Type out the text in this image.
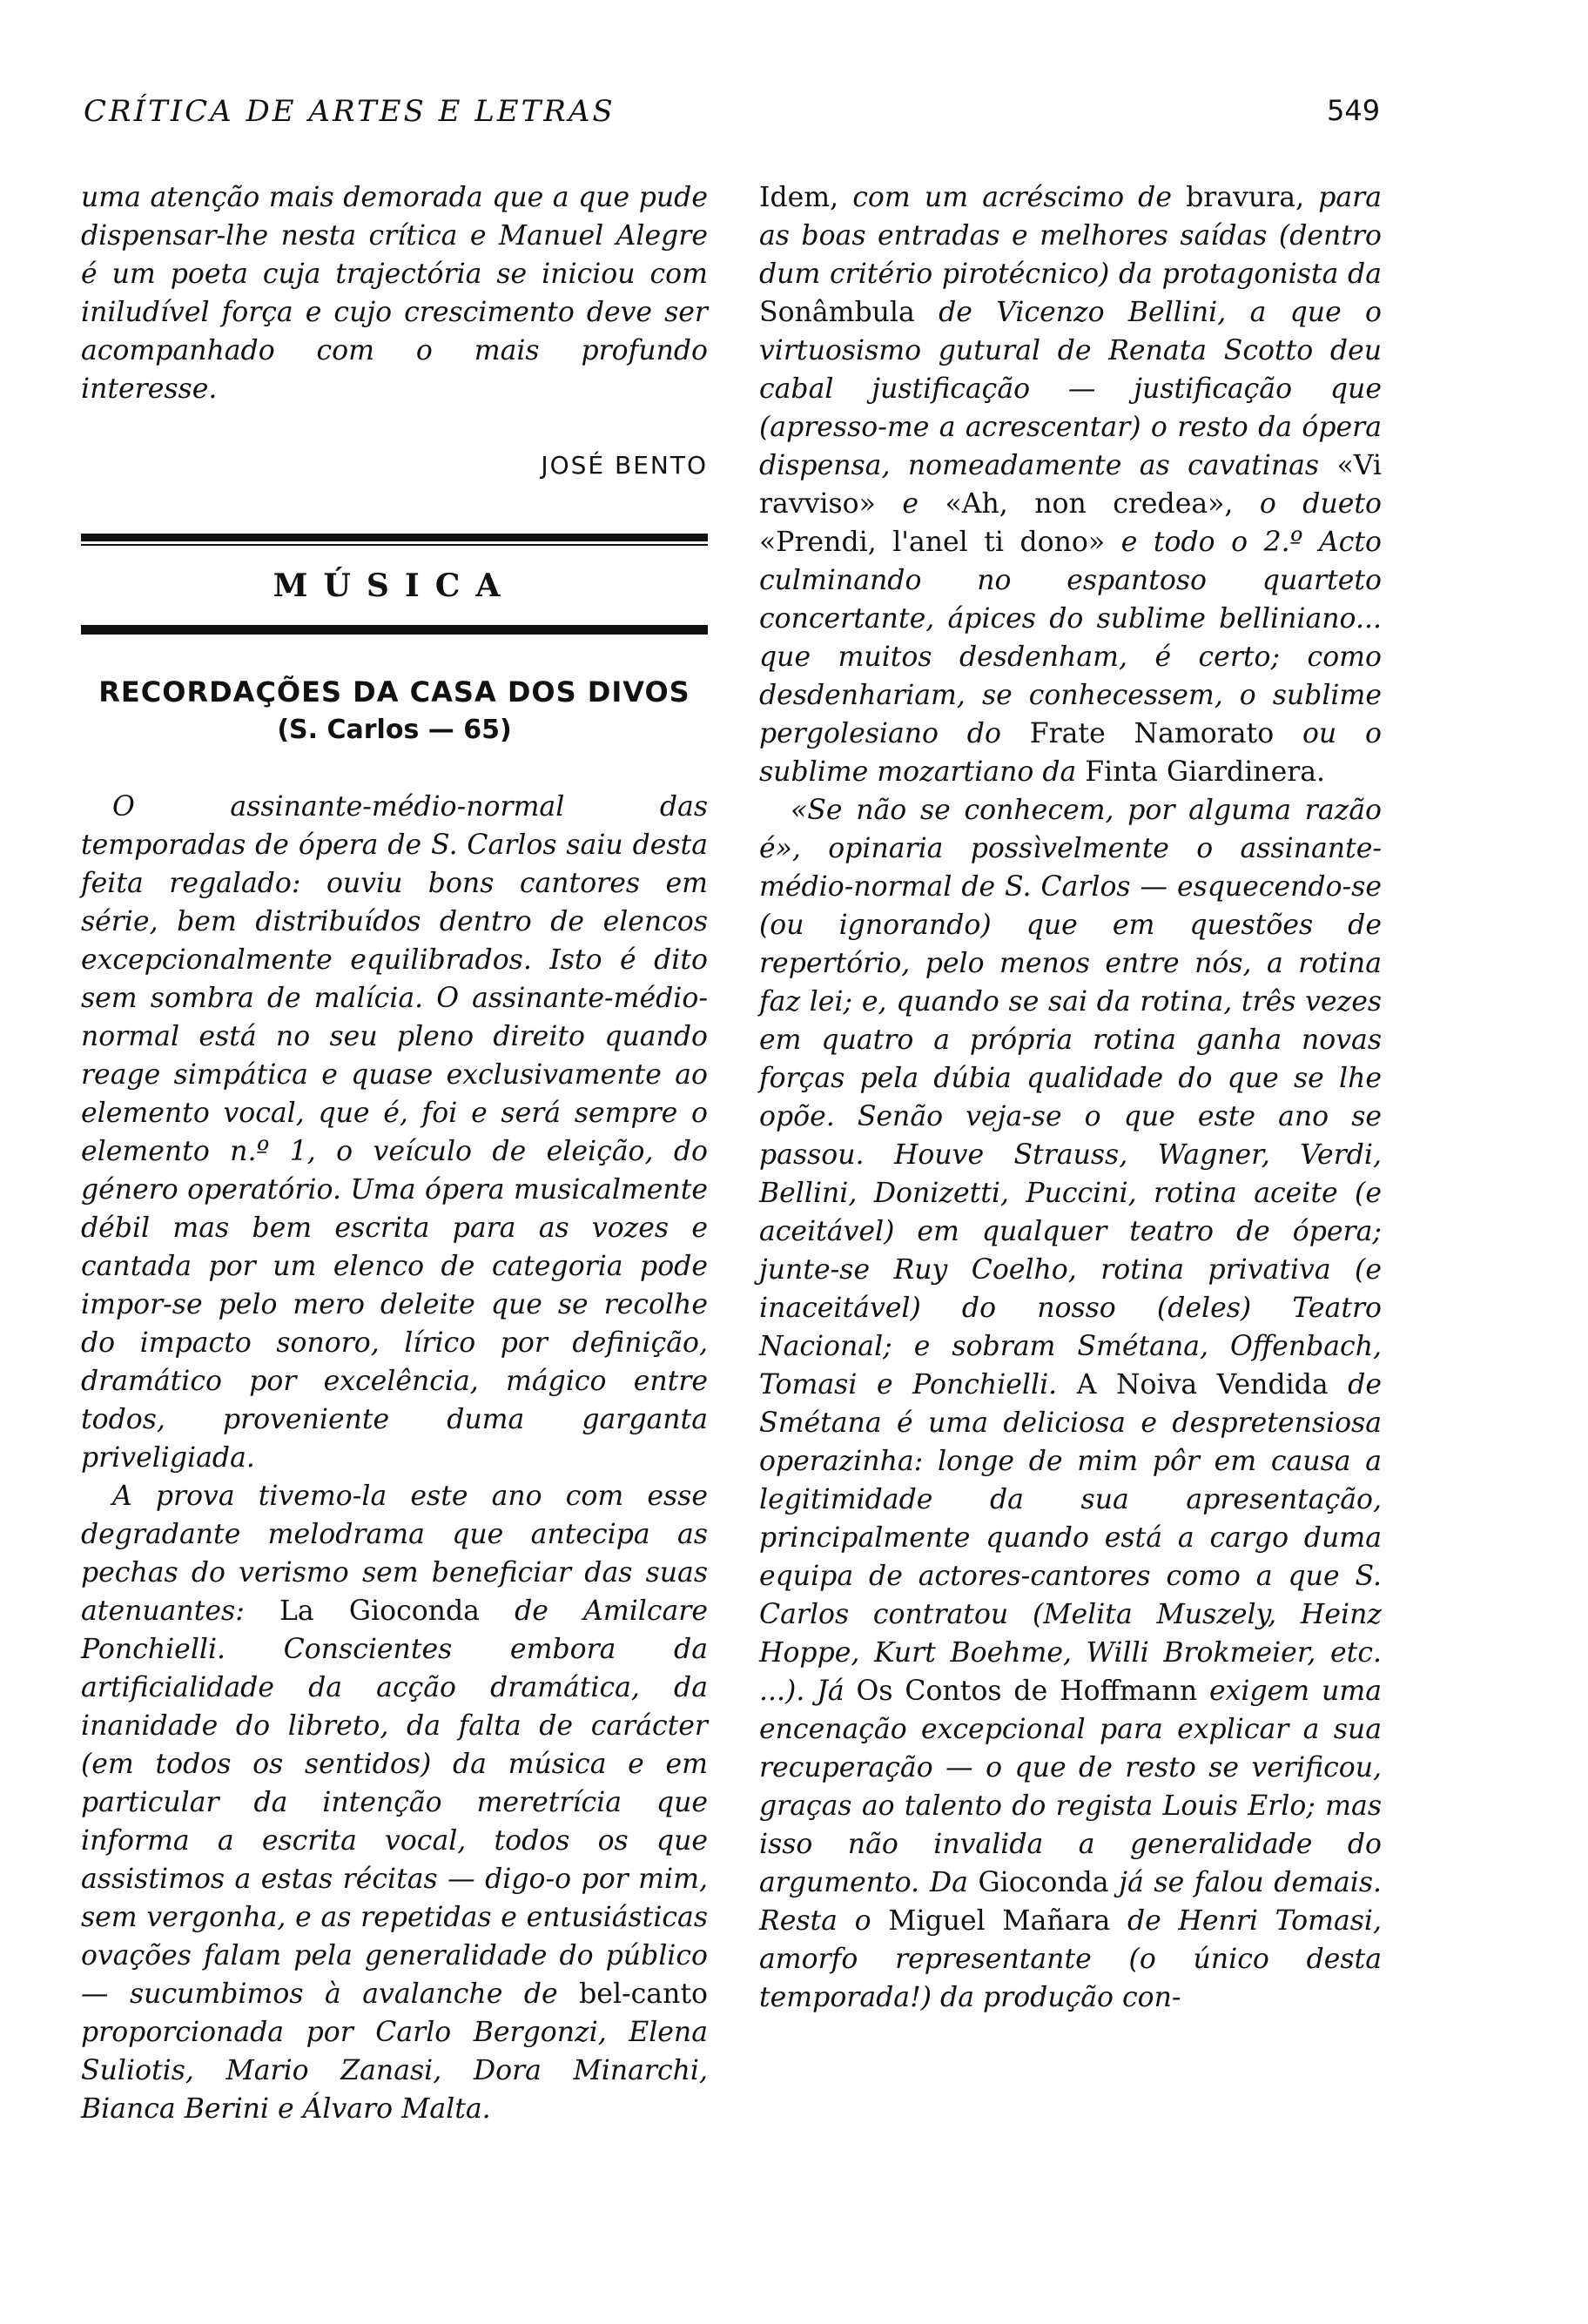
CRÍTICA DE ARTES E LETRAS	549

uma atenção mais demorada que a que pude dispensar-lhe nesta crítica e Manuel Alegre é um poeta cuja trajectória se iniciou com iniludível força e cujo crescimento deve ser acompanhado com o mais profundo interesse.

JOSÉ BENTO
MÚSICA
RECORDAÇÕES DA CASA DOS DIVOS
(S. Carlos — 65)

O assinante-médio-normal das temporadas de ópera de S. Carlos saiu desta feita regalado: ouviu bons cantores em série, bem distribuídos dentro de elencos excepcionalmente equilibrados. Isto é dito sem sombra de malícia. O assinante-médio-normal está no seu pleno direito quando reage simpática e quase exclusivamente ao elemento vocal, que é, foi e será sempre o elemento n.º 1, o veículo de eleição, do género operatório. Uma ópera musicalmente débil mas bem escrita para as vozes e cantada por um elenco de categoria pode impor-se pelo mero deleite que se recolhe do impacto sonoro, lírico por definição, dramático por excelência, mágico entre todos, proveniente duma garganta priveligiada.

A prova tivemo-la este ano com esse degradante melodrama que antecipa as pechas do verismo sem beneficiar das suas atenuantes: La Gioconda de Amilcare Ponchielli. Conscientes embora da artificialidade da acção dramática, da inanidade do libreto, da falta de carácter (em todos os sentidos) da música e em particular da intenção meretrícia que informa a escrita vocal, todos os que assistimos a estas récitas — digo-o por mim, sem vergonha, e as repetidas e entusiásticas ovações falam pela generalidade do público — sucumbimos à avalanche de bel-canto proporcionada por Carlo Bergonzi, Elena Suliotis, Mario Zanasi, Dora Minarchi, Bianca Berini e Álvaro Malta.

Idem, com um acréscimo de bravura, para as boas entradas e melhores saídas (dentro dum critério pirotécnico) da protagonista da Sonâmbula de Vicenzo Bellini, a que o virtuosismo gutural de Renata Scotto deu cabal justificação — justificação que (apresso-me a acrescentar) o resto da ópera dispensa, nomeadamente as cavatinas «Vi ravviso» e «Ah, non credea», o dueto «Prendi, l'anel ti dono» e todo o 2.º Acto culminando no espantoso quarteto concertante, ápices do sublime belliniano... que muitos desdenham, é certo; como desdenhariam, se conhecessem, o sublime pergolesiano do Frate Namorato ou o sublime mozartiano da Finta Giardinera.

«Se não se conhecem, por alguma razão é», opinaria possìvelmente o assinante-médio-normal de S. Carlos — esquecendo-se (ou ignorando) que em questões de repertório, pelo menos entre nós, a rotina faz lei; e, quando se sai da rotina, três vezes em quatro a própria rotina ganha novas forças pela dúbia qualidade do que se lhe opõe. Senão veja-se o que este ano se passou. Houve Strauss, Wagner, Verdi, Bellini, Donizetti, Puccini, rotina aceite (e aceitável) em qualquer teatro de ópera; junte-se Ruy Coelho, rotina privativa (e inaceitável) do nosso (deles) Teatro Nacional; e sobram Smétana, Offenbach, Tomasi e Ponchielli. A Noiva Vendida de Smétana é uma deliciosa e despretensiosa operazinha: longe de mim pôr em causa a legitimidade da sua apresentação, principalmente quando está a cargo duma equipa de actores-cantores como a que S. Carlos contratou (Melita Muszely, Heinz Hoppe, Kurt Boehme, Willi Brokmeier, etc. ...). Já Os Contos de Hoffmann exigem uma encenação excepcional para explicar a sua recuperação — o que de resto se verificou, graças ao talento do regista Louis Erlo; mas isso não invalida a generalidade do argumento. Da Gioconda já se falou demais. Resta o Miguel Mañara de Henri Tomasi, amorfo representante (o único desta temporada!) da produção con-
